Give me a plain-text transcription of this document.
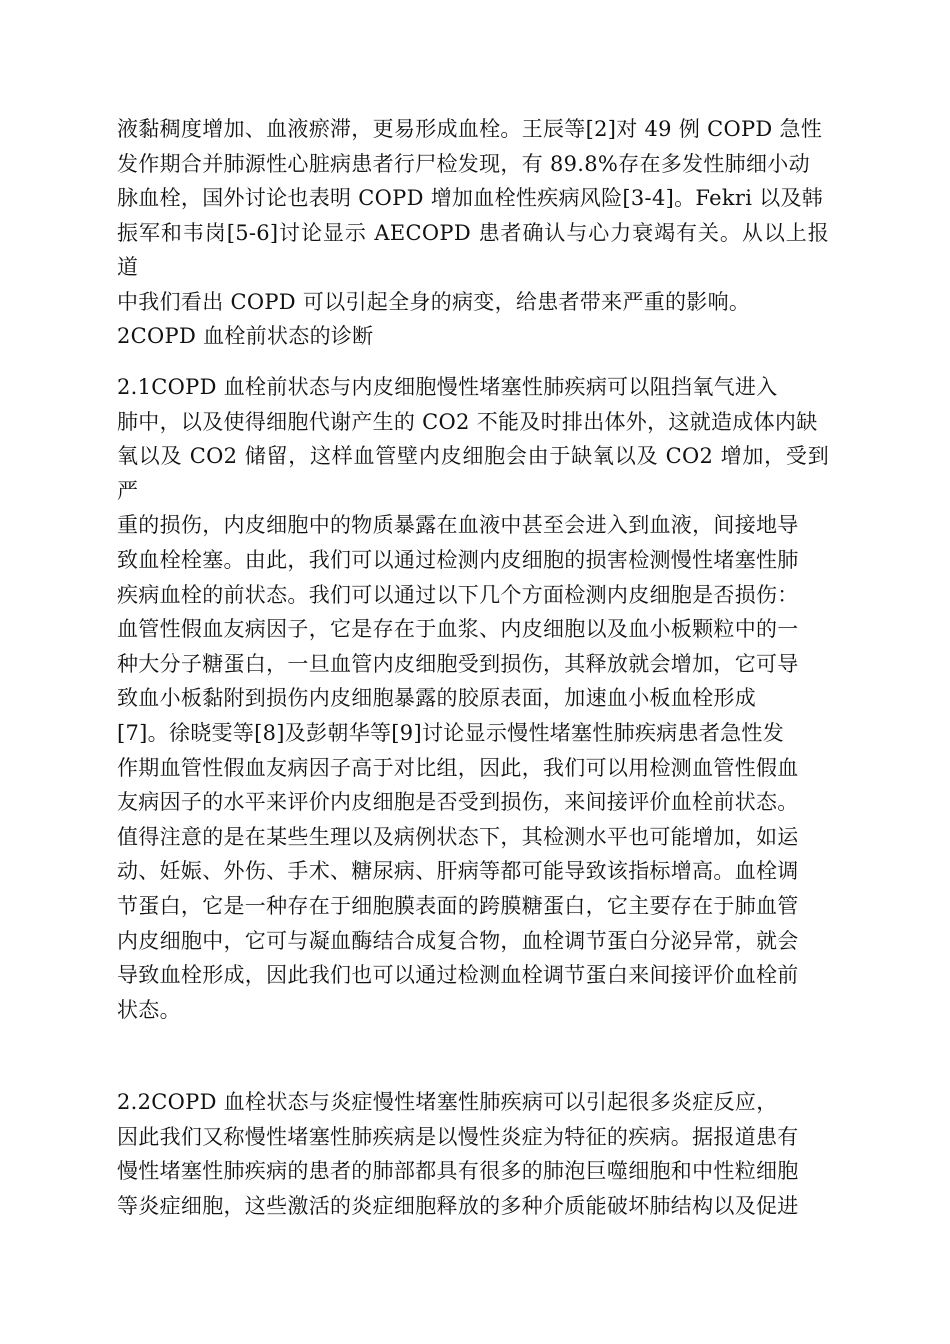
液黏稠度增加、血液瘀滞，更易形成血栓。王辰等[2]对 49 例 COPD 急性
发作期合并肺源性心脏病患者行尸检发现，有 89.8%存在多发性肺细小动
脉血栓，国外讨论也表明 COPD 增加血栓性疾病风险[3-4]。Fekri 以及韩
振军和韦岗[5-6]讨论显示 AECOPD 患者确认与心力衰竭有关。从以上报道
中我们看出 COPD 可以引起全身的病变，给患者带来严重的影响。
2COPD 血栓前状态的诊断
2.1COPD 血栓前状态与内皮细胞慢性堵塞性肺疾病可以阻挡氧气进入
肺中，以及使得细胞代谢产生的 CO2 不能及时排出体外，这就造成体内缺
氧以及 CO2 储留，这样血管壁内皮细胞会由于缺氧以及 CO2 增加，受到严
重的损伤，内皮细胞中的物质暴露在血液中甚至会进入到血液，间接地导
致血栓栓塞。由此，我们可以通过检测内皮细胞的损害检测慢性堵塞性肺
疾病血栓的前状态。我们可以通过以下几个方面检测内皮细胞是否损伤：
血管性假血友病因子，它是存在于血浆、内皮细胞以及血小板颗粒中的一
种大分子糖蛋白，一旦血管内皮细胞受到损伤，其释放就会增加，它可导
致血小板黏附到损伤内皮细胞暴露的胶原表面，加速血小板血栓形成
[7]。徐晓雯等[8]及彭朝华等[9]讨论显示慢性堵塞性肺疾病患者急性发
作期血管性假血友病因子高于对比组，因此，我们可以用检测血管性假血
友病因子的水平来评价内皮细胞是否受到损伤，来间接评价血栓前状态。
值得注意的是在某些生理以及病例状态下，其检测水平也可能增加，如运
动、妊娠、外伤、手术、糖尿病、肝病等都可能导致该指标增高。血栓调
节蛋白，它是一种存在于细胞膜表面的跨膜糖蛋白，它主要存在于肺血管
内皮细胞中，它可与凝血酶结合成复合物，血栓调节蛋白分泌异常，就会
导致血栓形成，因此我们也可以通过检测血栓调节蛋白来间接评价血栓前
状态。
2.2COPD 血栓状态与炎症慢性堵塞性肺疾病可以引起很多炎症反应，
因此我们又称慢性堵塞性肺疾病是以慢性炎症为特征的疾病。据报道患有
慢性堵塞性肺疾病的患者的肺部都具有很多的肺泡巨噬细胞和中性粒细胞
等炎症细胞，这些激活的炎症细胞释放的多种介质能破坏肺结构以及促进
